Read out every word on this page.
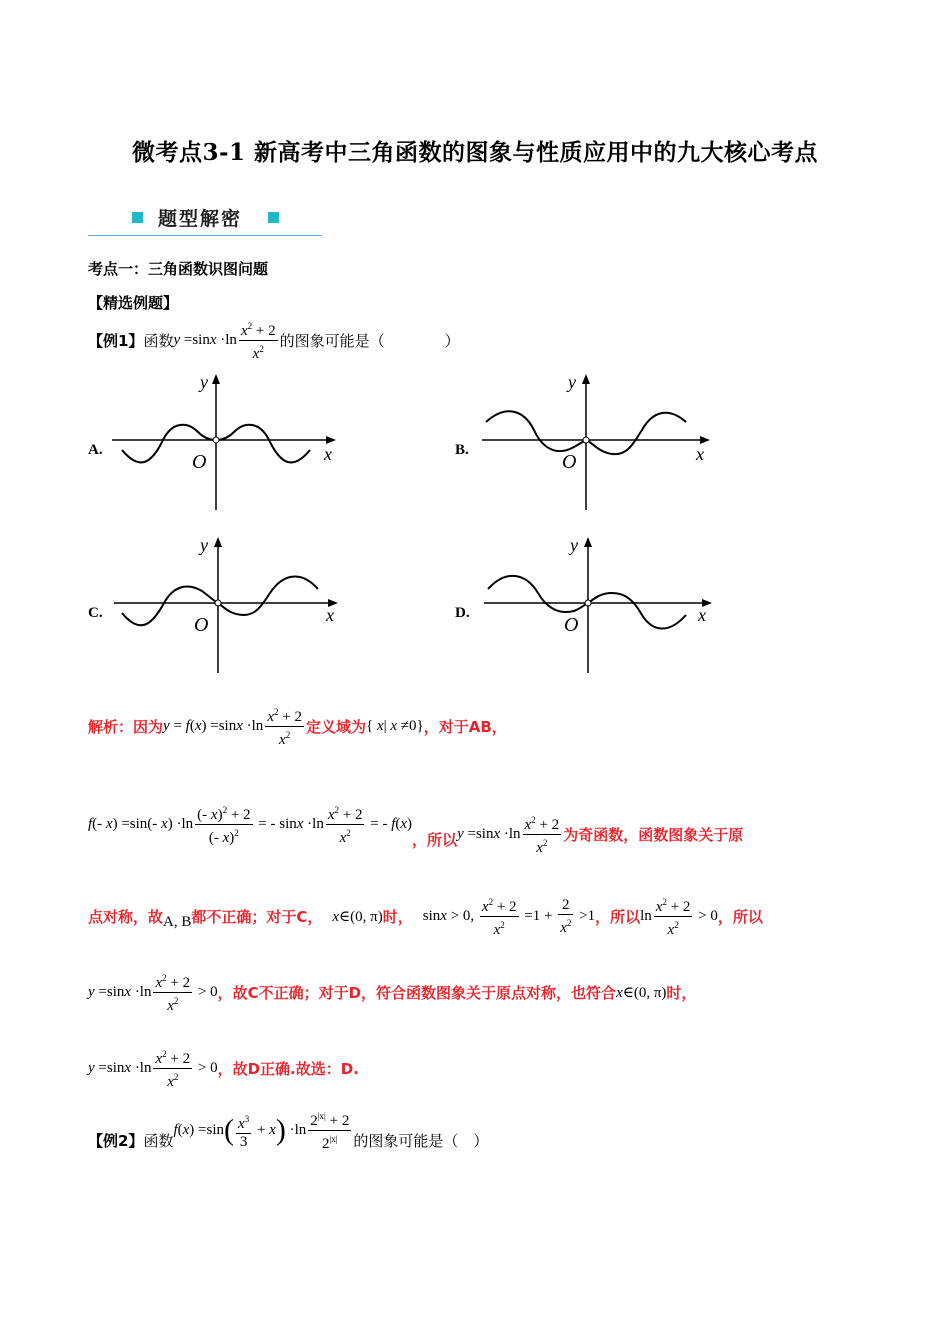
微考点3-1 新高考中三角函数的图象与性质应用中的九大核心考点
题型解密
考点一：三角函数识图问题
【精选例题】
【例1】 函数 $y =\sin x \cdot\ln \frac{x^2 + 2}{x^2}$ 的图象可能是（　　　　）
A.
y
x
O
B.
y
x
O
C.
y
x
O
D.
y
x
O
解析：因为 $y = f(x) =\sin x \cdot\ln \frac{x^2 + 2}{x^2}$ 定义域为 { x| x ≠0} ，对于AB，
f(- x) =sin(- $x) \cdot\ln \frac{(- x)^2 + 2}{(- x)^2}$ = - $\sin x \cdot\ln \frac{x^2 + 2}{x^2}$ = - f(x)
，所以 $y =\sin x \cdot\ln \frac{x^2 + 2}{x^2}$ 为奇函数，函数图象关于原
点对称，故 A, B 都不正确；对于C， x∈(0, π) 时， sinx > 0, $\frac{x^2 + 2}{x^2} =1 + \frac{2}{x^2} >1$ ，所以 $\ln \frac{x^2 + 2}{x^2} > 0$ ，所以
$y =\sin x \cdot\ln \frac{x^2 + 2}{x^2} > 0$ ，故C不正确；对于D，符合函数图象关于原点对称，也符合 x∈(0, π) 时，
$y =\sin x \cdot\ln \frac{x^2 + 2}{x^2} > 0$ ，故D正确.故选：D.
【例2】 函数
$f(x) =\sin( \frac{x^3}{3} + x) \cdot\ln \frac{2^{|x|} + 2}{2^{|x|}}$ 的图象可能是（　）
